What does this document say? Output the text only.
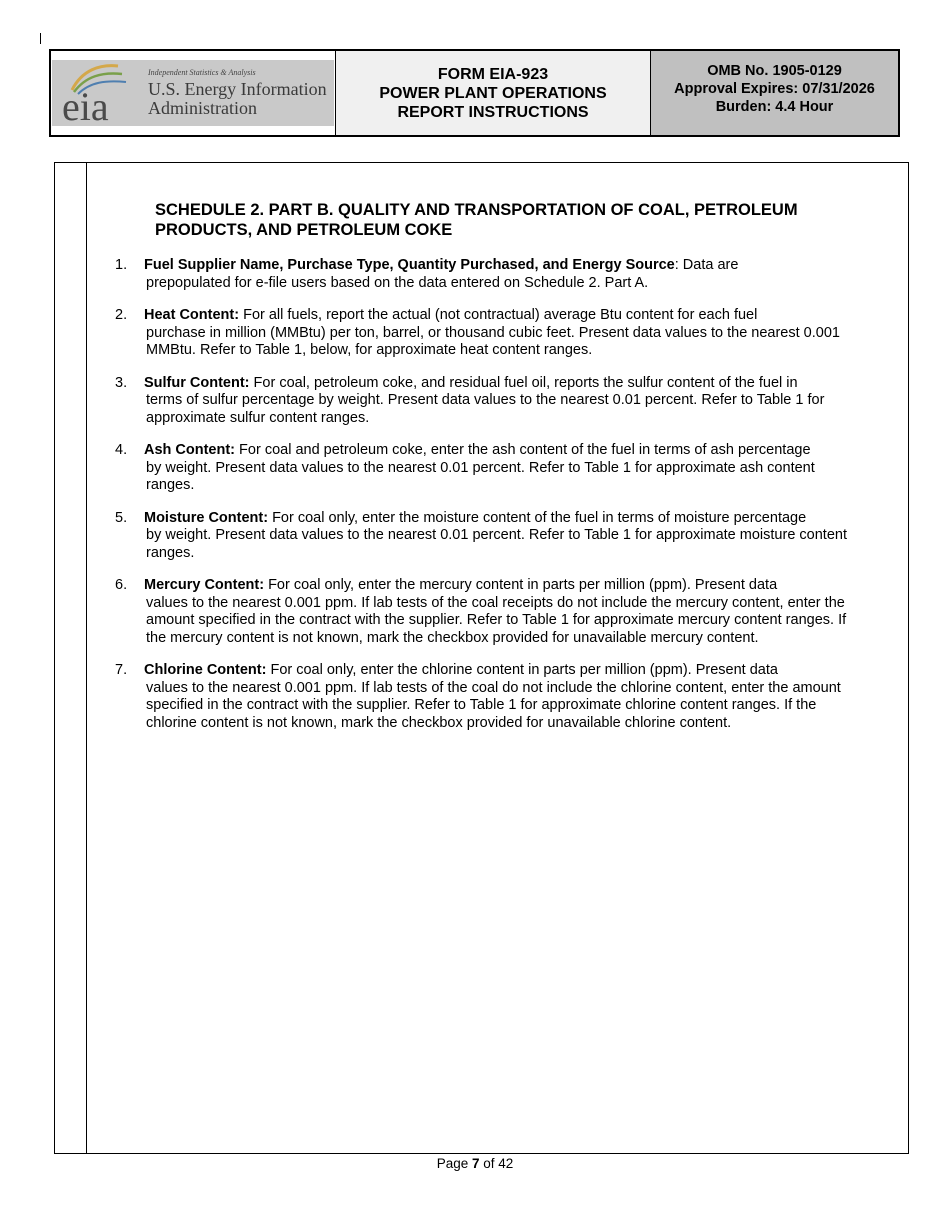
eia
Independent Statistics & Analysis
U.S. Energy Information
Administration
FORM EIA-923
POWER PLANT OPERATIONS
REPORT INSTRUCTIONS
OMB No. 1905-0129
Approval Expires: 07/31/2026
Burden: 4.4 Hour
SCHEDULE 2. PART B. QUALITY AND TRANSPORTATION OF COAL, PETROLEUM
PRODUCTS, AND PETROLEUM COKE
1.	Fuel Supplier Name, Purchase Type, Quantity Purchased, and Energy Source: Data are

prepopulated for e-file users based on the data entered on Schedule 2. Part A.

2.	Heat Content: For all fuels, report the actual (not contractual) average Btu content for each fuel

purchase in million (MMBtu) per ton, barrel, or thousand cubic feet. Present data values to the nearest 0.001 MMBtu. Refer to Table 1, below, for approximate heat content ranges.

3.	Sulfur Content: For coal, petroleum coke, and residual fuel oil, reports the sulfur content of the fuel in

terms of sulfur percentage by weight. Present data values to the nearest 0.01 percent. Refer to Table 1 for approximate sulfur content ranges.

4.	Ash Content: For coal and petroleum coke, enter the ash content of the fuel in terms of ash percentage

by weight. Present data values to the nearest 0.01 percent. Refer to Table 1 for approximate ash content ranges.

5.	Moisture Content: For coal only, enter the moisture content of the fuel in terms of moisture percentage

by weight. Present data values to the nearest 0.01 percent. Refer to Table 1 for approximate moisture content ranges.

6.	Mercury Content: For coal only, enter the mercury content in parts per million (ppm). Present data

values to the nearest 0.001 ppm. If lab tests of the coal receipts do not include the mercury content, enter the amount specified in the contract with the supplier. Refer to Table 1 for approximate mercury content ranges. If the mercury content is not known, mark the checkbox provided for unavailable mercury content.

7.	Chlorine Content: For coal only, enter the chlorine content in parts per million (ppm). Present data

values to the nearest 0.001 ppm. If lab tests of the coal do not include the chlorine content, enter the amount specified in the contract with the supplier. Refer to Table 1 for approximate chlorine content ranges. If the chlorine content is not known, mark the checkbox provided for unavailable chlorine content.

Page 7 of 42
